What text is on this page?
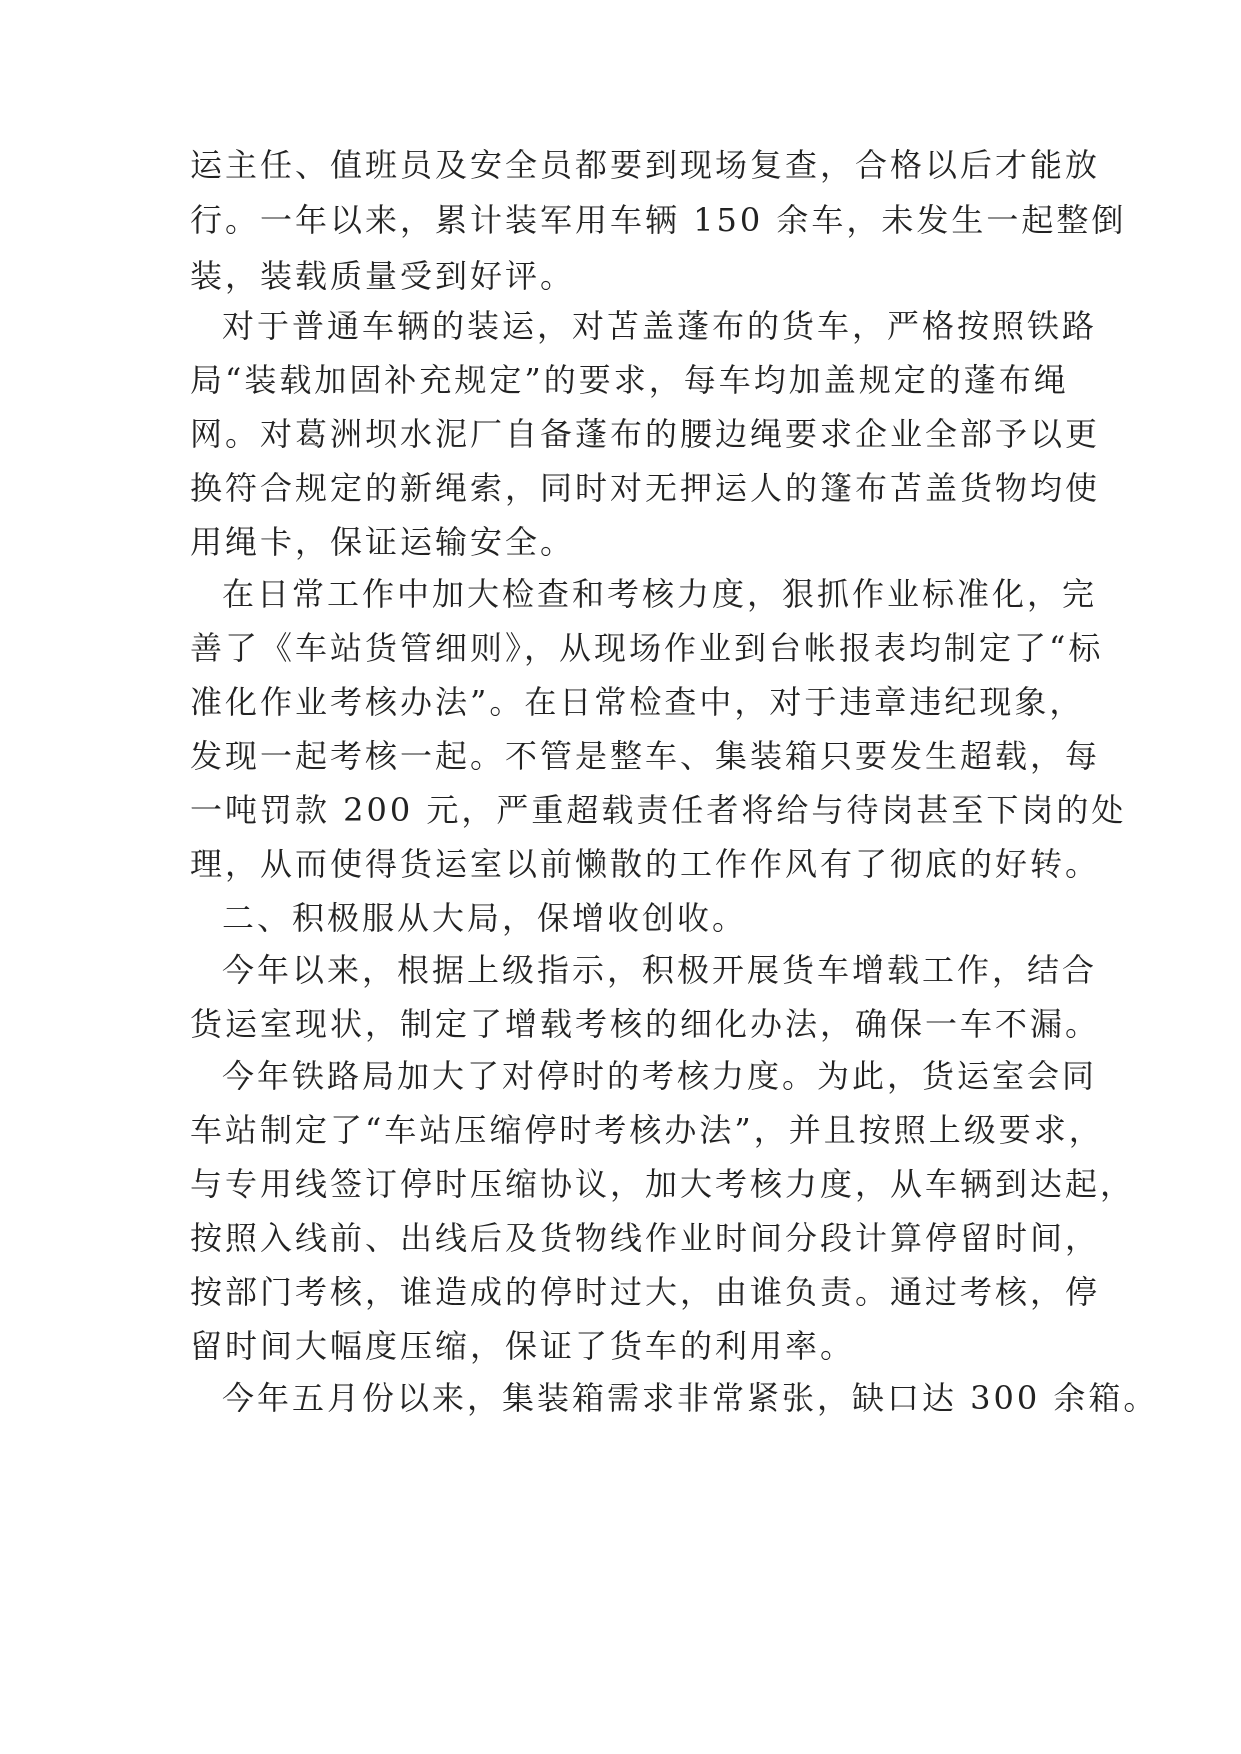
运主任、值班员及安全员都要到现场复查，合格以后才能放
行。一年以来，累计装军用车辆 150 余车，未发生一起整倒
装，装载质量受到好评。
对于普通车辆的装运，对苫盖蓬布的货车，严格按照铁路
局“装载加固补充规定”的要求，每车均加盖规定的蓬布绳
网。对葛洲坝水泥厂自备蓬布的腰边绳要求企业全部予以更
换符合规定的新绳索，同时对无押运人的篷布苫盖货物均使
用绳卡，保证运输安全。
在日常工作中加大检查和考核力度，狠抓作业标准化，完
善了《车站货管细则》，从现场作业到台帐报表均制定了“标
准化作业考核办法”。在日常检查中，对于违章违纪现象，
发现一起考核一起。不管是整车、集装箱只要发生超载，每
一吨罚款 200 元，严重超载责任者将给与待岗甚至下岗的处
理，从而使得货运室以前懒散的工作作风有了彻底的好转。
二、积极服从大局，保增收创收。
今年以来，根据上级指示，积极开展货车增载工作，结合
货运室现状，制定了增载考核的细化办法，确保一车不漏。
今年铁路局加大了对停时的考核力度。为此，货运室会同
车站制定了“车站压缩停时考核办法”，并且按照上级要求，
与专用线签订停时压缩协议，加大考核力度，从车辆到达起，
按照入线前、出线后及货物线作业时间分段计算停留时间，
按部门考核，谁造成的停时过大，由谁负责。通过考核，停
留时间大幅度压缩，保证了货车的利用率。
今年五月份以来，集装箱需求非常紧张，缺口达 300 余箱。
